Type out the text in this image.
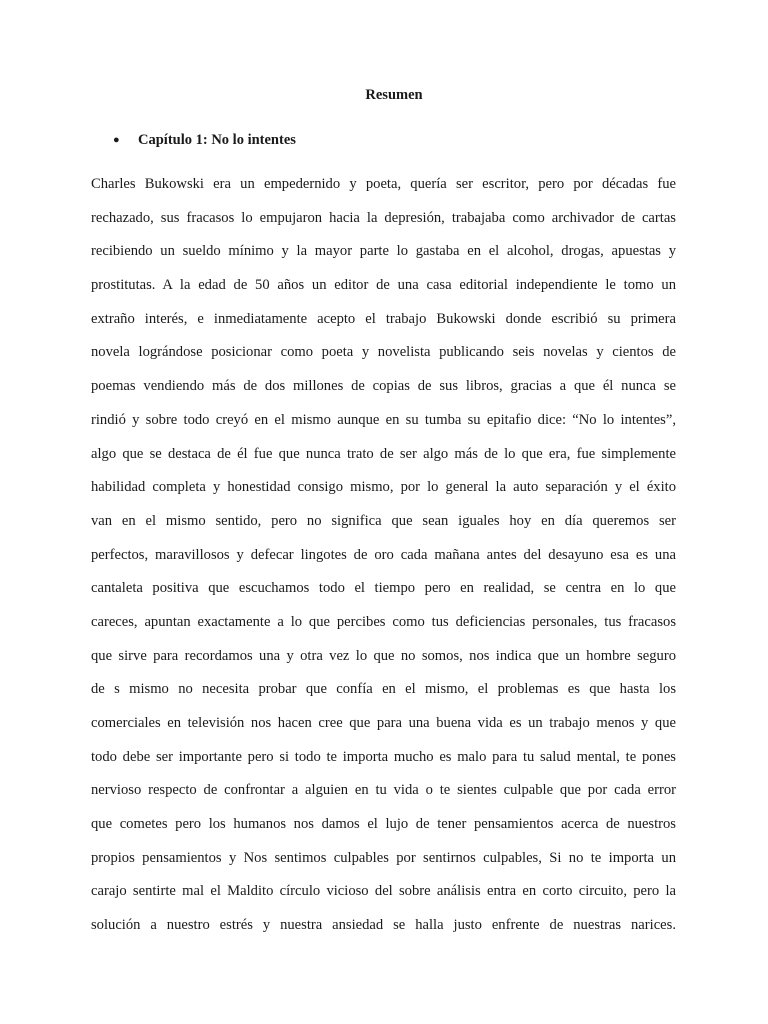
Resumen
● Capítulo 1: No lo intentes
Charles Bukowski era un empedernido y poeta, quería ser escritor, pero por décadas fue
rechazado, sus fracasos lo empujaron hacia la depresión, trabajaba como archivador de cartas
recibiendo un sueldo mínimo y la mayor parte lo gastaba en el alcohol, drogas, apuestas y
prostitutas. A la edad de 50 años un editor de una casa editorial independiente le tomo un
extraño interés, e inmediatamente acepto el trabajo Bukowski donde escribió su primera
novela lográndose posicionar como poeta y novelista publicando seis novelas y cientos de
poemas vendiendo más de dos millones de copias de sus libros, gracias a que él nunca se
rindió y sobre todo creyó en el mismo aunque en su tumba su epitafio dice: “No lo intentes”,
algo que se destaca de él fue que nunca trato de ser algo más de lo que era, fue simplemente
habilidad completa y honestidad consigo mismo, por lo general la auto separación y el éxito
van en el mismo sentido, pero no significa que sean iguales hoy en día queremos ser
perfectos, maravillosos y defecar lingotes de oro cada mañana antes del desayuno esa es una
cantaleta positiva que escuchamos todo el tiempo pero en realidad, se centra en lo que
careces, apuntan exactamente a lo que percibes como tus deficiencias personales, tus fracasos
que sirve para recordamos una y otra vez lo que no somos, nos indica que un hombre seguro
de s mismo no necesita probar que confía en el mismo, el problemas es que hasta los
comerciales en televisión nos hacen cree que para una buena vida es un trabajo menos y que
todo debe ser importante pero si todo te importa mucho es malo para tu salud mental, te pones
nervioso respecto de confrontar a alguien en tu vida o te sientes culpable que por cada error
que cometes pero los humanos nos damos el lujo de tener pensamientos acerca de nuestros
propios pensamientos y Nos sentimos culpables por sentirnos culpables, Si no te importa un
carajo sentirte mal el Maldito círculo vicioso del sobre análisis entra en corto circuito, pero la
solución a nuestro estrés y nuestra ansiedad se halla justo enfrente de nuestras narices.
